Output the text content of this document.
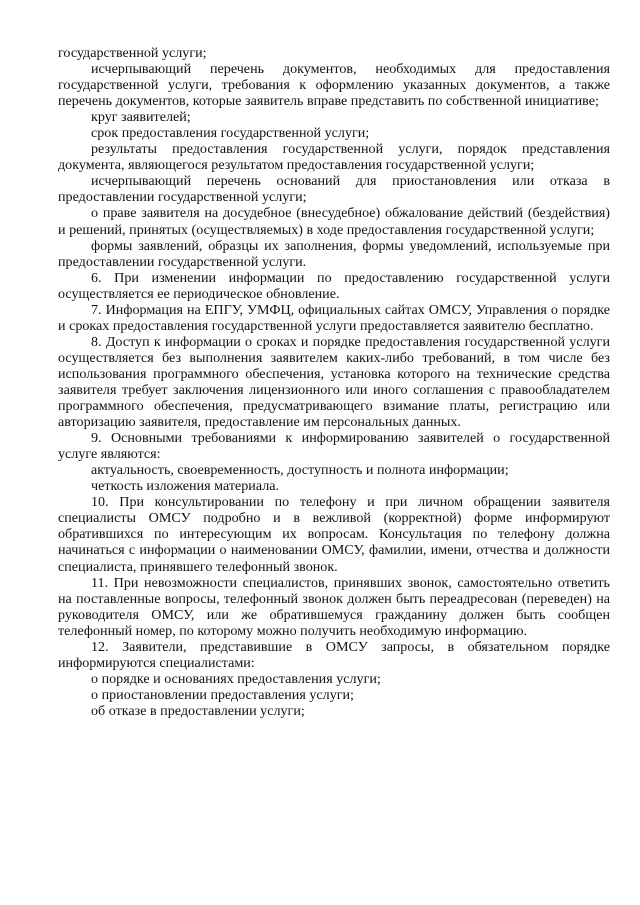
государственной услуги;

исчерпывающий перечень документов, необходимых для предоставления государственной услуги, требования к оформлению указанных документов, а также перечень документов, которые заявитель вправе представить по собственной инициативе;

круг заявителей;

срок предоставления государственной услуги;

результаты предоставления государственной услуги, порядок представления документа, являющегося результатом предоставления государственной услуги;

исчерпывающий перечень оснований для приостановления или отказа в предоставлении государственной услуги;

о праве заявителя на досудебное (внесудебное) обжалование действий (бездействия) и решений, принятых (осуществляемых) в ходе предоставления государственной услуги;

формы заявлений, образцы их заполнения, формы уведомлений, используемые при предоставлении государственной услуги.

6. При изменении информации по предоставлению государственной услуги осуществляется ее периодическое обновление.

7. Информация на ЕПГУ, УМФЦ, официальных сайтах ОМСУ, Управления о порядке и сроках предоставления государственной услуги предоставляется заявителю бесплатно.

8. Доступ к информации о сроках и порядке предоставления государственной услуги осуществляется без выполнения заявителем каких-либо требований, в том числе без использования программного обеспечения, установка которого на технические средства заявителя требует заключения лицензионного или иного соглашения с правообладателем программного обеспечения, предусматривающего взимание платы, регистрацию или авторизацию заявителя, предоставление им персональных данных.

9. Основными требованиями к информированию заявителей о государственной услуге являются:

актуальность, своевременность, доступность и полнота информации;

четкость изложения материала.

10. При консультировании по телефону и при личном обращении заявителя специалисты ОМСУ подробно и в вежливой (корректной) форме информируют обратившихся по интересующим их вопросам. Консультация по телефону должна начинаться с информации о наименовании ОМСУ, фамилии, имени, отчества и должности специалиста, принявшего телефонный звонок.

11. При невозможности специалистов, принявших звонок, самостоятельно ответить на поставленные вопросы, телефонный звонок должен быть переадресован (переведен) на руководителя ОМСУ, или же обратившемуся гражданину должен быть сообщен телефонный номер, по которому можно получить необходимую информацию.

12. Заявители, представившие в ОМСУ запросы, в обязательном порядке информируются специалистами:

о порядке и основаниях предоставления услуги;

о приостановлении предоставления услуги;

об отказе в предоставлении услуги;
